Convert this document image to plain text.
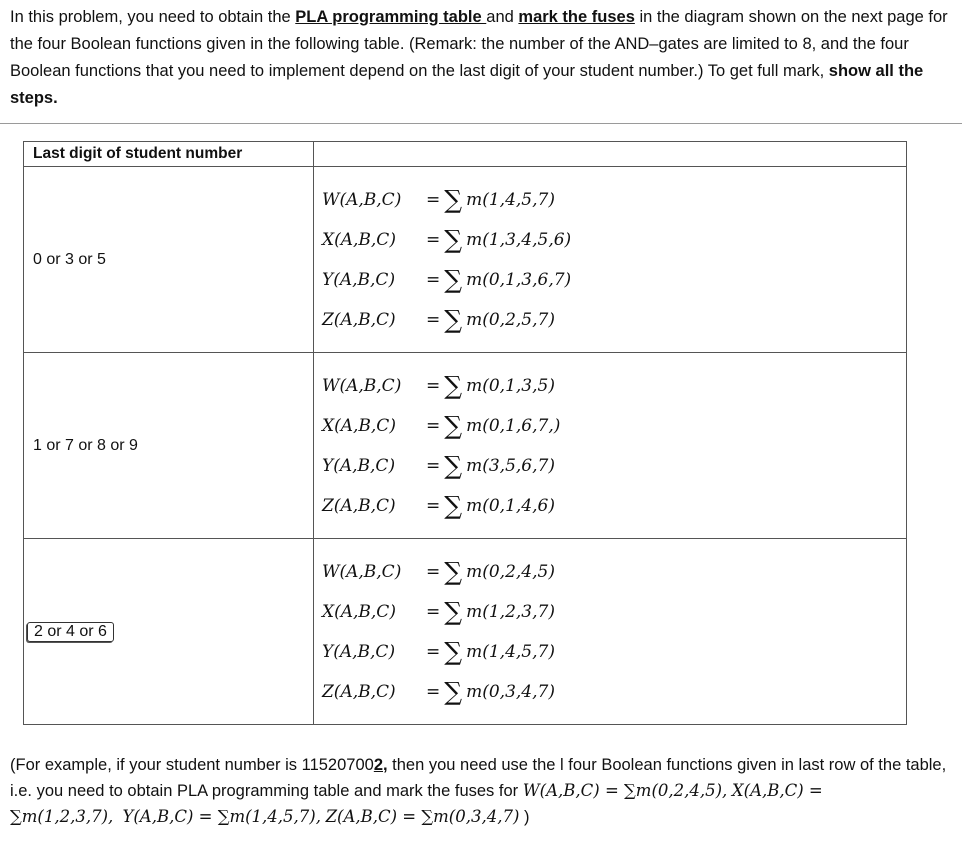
In this problem, you need to obtain the PLA programming table and mark the fuses in the diagram shown on the next page for the four Boolean functions given in the following table. (Remark: the number of the AND–gates are limited to 8, and the four Boolean functions that you need to implement depend on the last digit of your student number.) To get full mark, show all the steps.
Last digit of student number	
0 or 3 or 5	W(A,B,C) = ∑ m(1,4,5,7)
X(A,B,C) = ∑ m(1,3,4,5,6)
Y(A,B,C) = ∑ m(0,1,3,6,7)
Z(A,B,C) = ∑ m(0,2,5,7)

1 or 7 or 8 or 9	W(A,B,C) = ∑ m(0,1,3,5)
X(A,B,C) = ∑ m(0,1,6,7,)
Y(A,B,C) = ∑ m(3,5,6,7)
Z(A,B,C) = ∑ m(0,1,4,6)

2 or 4 or 6	W(A,B,C) = ∑ m(0,2,4,5)
X(A,B,C) = ∑ m(1,2,3,7)
Y(A,B,C) = ∑ m(1,4,5,7)
Z(A,B,C) = ∑ m(0,3,4,7)
(For example, if your student number is 115207002, then you need use the l four Boolean functions given in last row of the table, i.e. you need to obtain PLA programming table and mark the fuses for W(A,B,C) = ∑m(0,2,4,5), X(A,B,C) = ∑m(1,2,3,7), Y(A,B,C) = ∑m(1,4,5,7), Z(A,B,C) = ∑m(0,3,4,7) )
